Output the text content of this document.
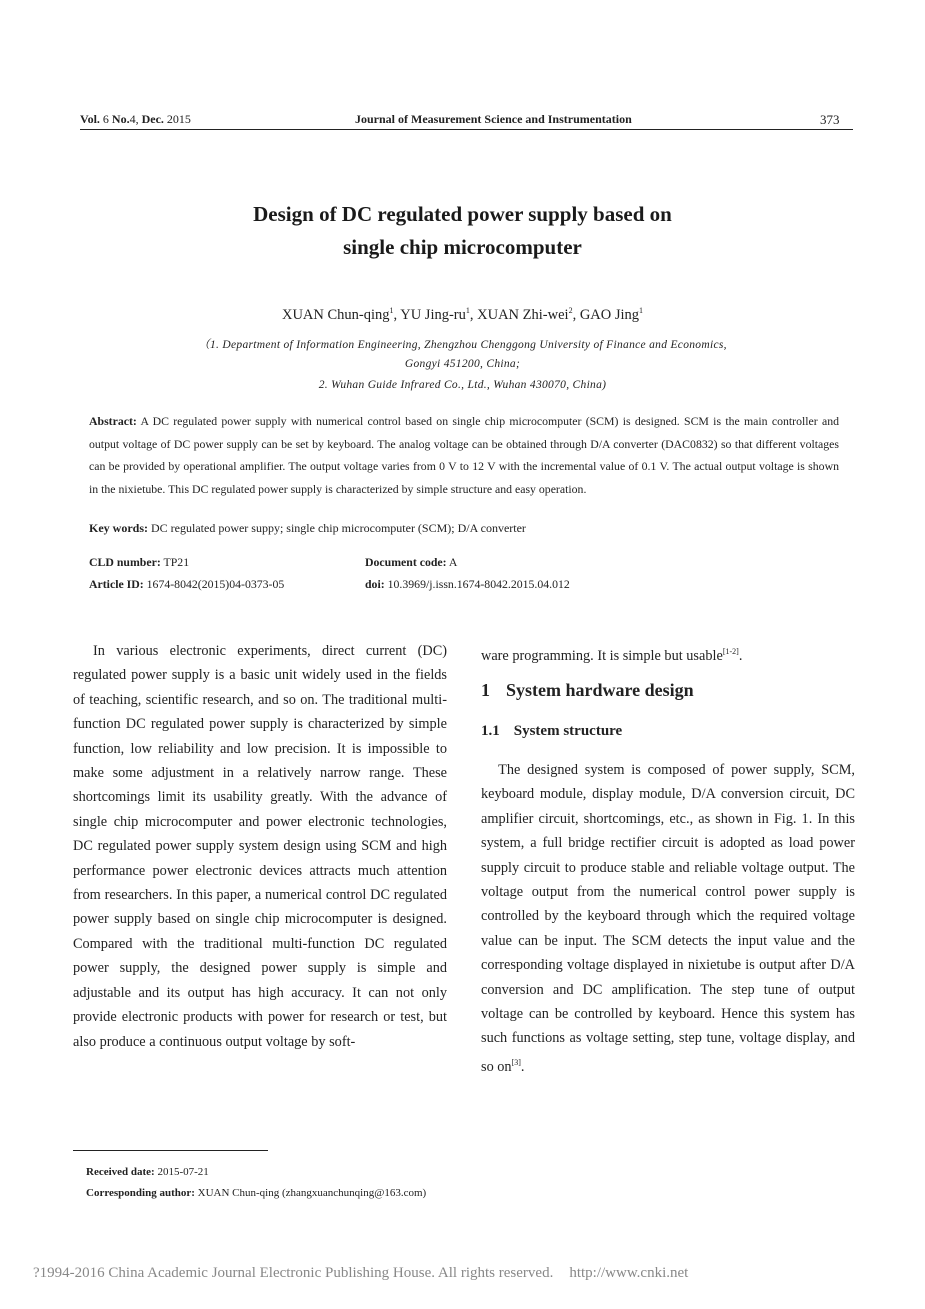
Vol. 6 No.4, Dec. 2015	Journal of Measurement Science and Instrumentation	373
Design of DC regulated power supply based on
single chip microcomputer
XUAN Chun-qing$^1$, YU Jing-$ru^1$, XUAN Zhi-wei$^2$, GAO Jing$^1$
（1. Department of Information Engineering, Zhengzhou Chenggong University of Finance and Economics,
Gongyi 451200, China;
2. Wuhan Guide Infrared Co., Ltd., Wuhan 430070, China)
Abstract: A DC regulated power supply with numerical control based on single chip microcomputer (SCM) is designed. SCM is the main controller and output voltage of DC power supply can be set by keyboard. The analog voltage can be obtained through D/A converter (DAC0832) so that different voltages can be provided by operational amplifier. The output voltage varies from 0 V to 12 V with the incremental value of 0.1 V. The actual output voltage is shown in the nixietube. This DC regulated power supply is characterized by simple structure and easy operation.
Key words: DC regulated power suppy; single chip microcomputer (SCM); D/A converter
CLD number: TP21	Document code: A
Article ID: 1674-8042(2015)04-0373-05	doi: 10.3969/j.issn.1674-8042.2015.04.012
In various electronic experiments, direct current (DC) regulated power supply is a basic unit widely used in the fields of teaching, scientific research, and so on. The traditional multi-function DC regulated power supply is characterized by simple function, low reliability and low precision. It is impossible to make some adjustment in a relatively narrow range. These shortcomings limit its usability greatly. With the advance of single chip microcomputer and power electronic technologies, DC regulated power supply system design using SCM and high performance power electronic devices attracts much attention from researchers. In this paper, a numerical control DC regulated power supply based on single chip microcomputer is designed. Compared with the traditional multi-function DC regulated power supply, the designed power supply is simple and adjustable and its output has high accuracy. It can not only provide electronic products with power for research or test, but also produce a continuous output voltage by soft-
ware programming. It is simple but usable[1-2].
1 System hardware design
1.1 System structure
The designed system is composed of power supply, SCM, keyboard module, display module, D/A conversion circuit, DC amplifier circuit, shortcomings, etc., as shown in Fig. 1. In this system, a full bridge rectifier circuit is adopted as load power supply circuit to produce stable and reliable voltage output. The voltage output from the numerical control power supply is controlled by the keyboard through which the required voltage value can be input. The SCM detects the input value and the corresponding voltage displayed in nixietube is output after D/A conversion and DC amplification. The step tune of output voltage can be controlled by keyboard. Hence this system has such functions as voltage setting, step tune, voltage display, and so on[3].
Received date: 2015-07-21
Corresponding author: XUAN Chun-qing (zhangxuanchunqing@163.com)
?1994-2016 China Academic Journal Electronic Publishing House. All rights reserved. http://www.cnki.net
